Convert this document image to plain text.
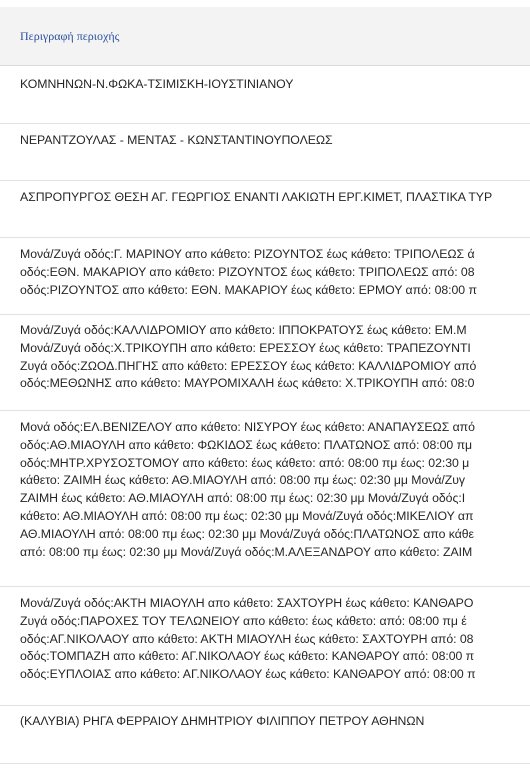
Περιγραφή περιοχής
ΚΟΜΝΗΝΩΝ-Ν.ΦΩΚΑ-ΤΣΙΜΙΣΚΗ-ΙΟΥΣΤΙΝΙΑΝΟΥ
ΝΕΡΑΝΤΖΟΥΛΑΣ - ΜΕΝΤΑΣ - ΚΩΝΣΤΑΝΤΙΝΟΥΠΟΛΕΩΣ
ΑΣΠΡΟΠΥΡΓΟΣ ΘΕΣΗ ΑΓ. ΓΕΩΡΓΙΟΣ ΕΝΑΝΤΙ ΛΑΚΙΩΤΗ ΕΡΓ.ΚΙΜΕΤ, ΠΛΑΣΤΙΚΑ ΤΥΡ
Μονά/Ζυγά οδός:Γ. ΜΑΡΙΝΟΥ απο κάθετο: ΡΙΖΟΥΝΤΟΣ έως κάθετο: ΤΡΙΠΟΛΕΩΣ ά
οδός:ΕΘΝ. ΜΑΚΑΡΙΟΥ απο κάθετο: ΡΙΖΟΥΝΤΟΣ έως κάθετο: ΤΡΙΠΟΛΕΩΣ από: 08
οδός:ΡΙΖΟΥΝΤΟΣ απο κάθετο: ΕΘΝ. ΜΑΚΑΡΙΟΥ έως κάθετο: ΕΡΜΟΥ από: 08:00 π
Μονά/Ζυγά οδός:ΚΑΛΛΙΔΡΟΜΙΟΥ απο κάθετο: ΙΠΠΟΚΡΑΤΟΥΣ έως κάθετο: ΕΜ.Μ
Μονά/Ζυγά οδός:Χ.ΤΡΙΚΟΥΠΗ απο κάθετο: ΕΡΕΣΣΟΥ έως κάθετο: ΤΡΑΠΕΖΟΥΝΤΙ
Ζυγά οδός:ΖΩΟΔ.ΠΗΓΗΣ απο κάθετο: ΕΡΕΣΣΟΥ έως κάθετο: ΚΑΛΛΙΔΡΟΜΙΟΥ από
οδός:ΜΕΘΩΝΗΣ απο κάθετο: ΜΑΥΡΟΜΙΧΑΛΗ έως κάθετο: Χ.ΤΡΙΚΟΥΠΗ από: 08:0
Μονά οδός:ΕΛ.ΒΕΝΙΖΕΛΟΥ απο κάθετο: ΝΙΣΥΡΟΥ έως κάθετο: ΑΝΑΠΑΥΣΕΩΣ από
οδός:ΑΘ.ΜΙΑΟΥΛΗ απο κάθετο: ΦΩΚΙΔΟΣ έως κάθετο: ΠΛΑΤΩΝΟΣ από: 08:00 πμ
οδός:ΜΗΤΡ.ΧΡΥΣΟΣΤΟΜΟΥ απο κάθετο: έως κάθετο: από: 08:00 πμ έως: 02:30 μ
κάθετο: ΖΑΙΜΗ έως κάθετο: ΑΘ.ΜΙΑΟΥΛΗ από: 08:00 πμ έως: 02:30 μμ Μονά/Ζυγ
ΖΑΙΜΗ έως κάθετο: ΑΘ.ΜΙΑΟΥΛΗ από: 08:00 πμ έως: 02:30 μμ Μονά/Ζυγά οδός:Ι
κάθετο: ΑΘ.ΜΙΑΟΥΛΗ από: 08:00 πμ έως: 02:30 μμ Μονά/Ζυγά οδός:ΜΙΚΕΛΙΟΥ απ
ΑΘ.ΜΙΑΟΥΛΗ από: 08:00 πμ έως: 02:30 μμ Μονά/Ζυγά οδός:ΠΛΑΤΩΝΟΣ απο κάθε
από: 08:00 πμ έως: 02:30 μμ Μονά/Ζυγά οδός:Μ.ΑΛΕΞΑΝΔΡΟΥ απο κάθετο: ΖΑΙΜ
Μονά/Ζυγά οδός:ΑΚΤΗ ΜΙΑΟΥΛΗ απο κάθετο: ΣΑΧΤΟΥΡΗ έως κάθετο: ΚΑΝΘΑΡΟ
Ζυγά οδός:ΠΑΡΟΧΕΣ ΤΟΥ ΤΕΛΩΝΕΙΟΥ απο κάθετο: έως κάθετο: από: 08:00 πμ έ
οδός:ΑΓ.ΝΙΚΟΛΑΟΥ απο κάθετο: ΑΚΤΗ ΜΙΑΟΥΛΗ έως κάθετο: ΣΑΧΤΟΥΡΗ από: 08
οδός:ΤΟΜΠΑΖΗ απο κάθετο: ΑΓ.ΝΙΚΟΛΑΟΥ έως κάθετο: ΚΑΝΘΑΡΟΥ από: 08:00 π
οδός:ΕΥΠΛΟΙΑΣ απο κάθετο: ΑΓ.ΝΙΚΟΛΑΟΥ έως κάθετο: ΚΑΝΘΑΡΟΥ από: 08:00 π
(ΚΑΛΥΒΙΑ) ΡΗΓΑ ΦΕΡΡΑΙΟΥ ΔΗΜΗΤΡΙΟΥ ΦΙΛΙΠΠΟΥ ΠΕΤΡΟΥ ΑΘΗΝΩΝ
